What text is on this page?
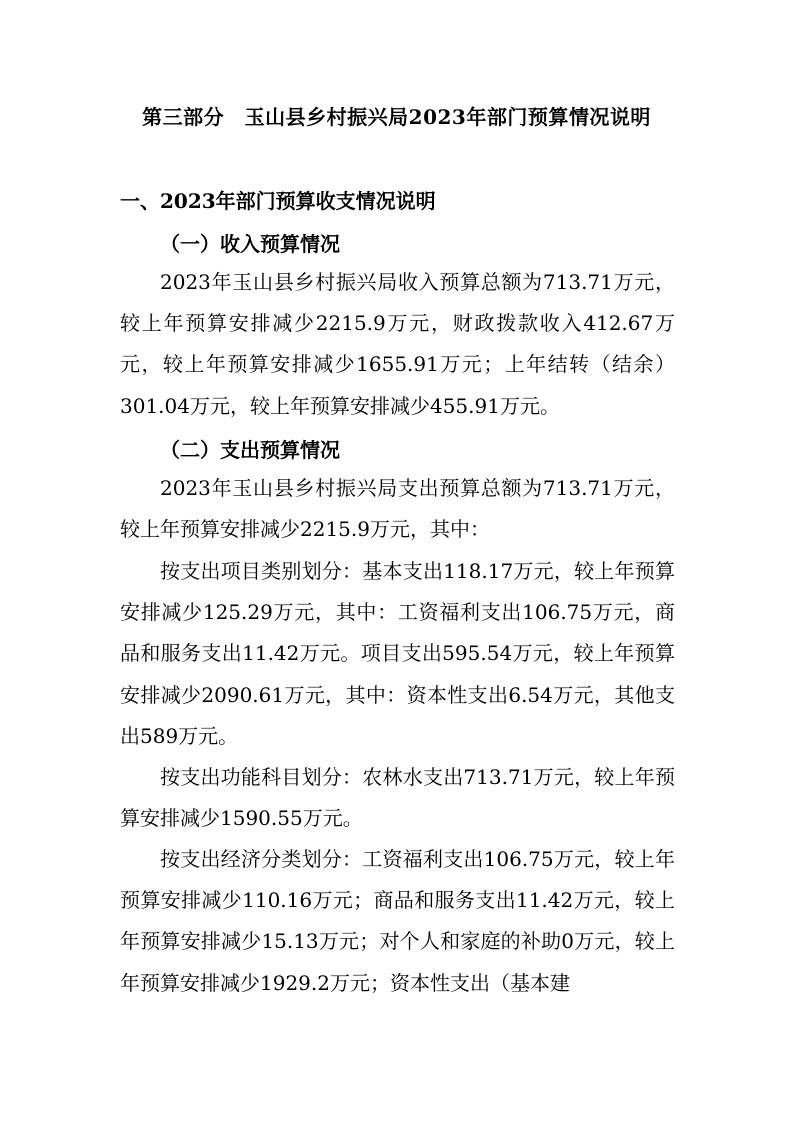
第三部分　玉山县乡村振兴局2023年部门预算情况说明
一、2023年部门预算收支情况说明
（一）收入预算情况
2023年玉山县乡村振兴局收入预算总额为713.71万元，较上年预算安排减少2215.9万元，财政拨款收入412.67万元，较上年预算安排减少1655.91万元；上年结转（结余）301.04万元，较上年预算安排减少455.91万元。
（二）支出预算情况
2023年玉山县乡村振兴局支出预算总额为713.71万元，较上年预算安排减少2215.9万元，其中：
按支出项目类别划分：基本支出118.17万元，较上年预算安排减少125.29万元，其中：工资福利支出106.75万元，商品和服务支出11.42万元。项目支出595.54万元，较上年预算安排减少2090.61万元，其中：资本性支出6.54万元，其他支出589万元。
按支出功能科目划分：农林水支出713.71万元，较上年预算安排减少1590.55万元。
按支出经济分类划分：工资福利支出106.75万元，较上年预算安排减少110.16万元；商品和服务支出11.42万元，较上年预算安排减少15.13万元；对个人和家庭的补助0万元，较上年预算安排减少1929.2万元；资本性支出（基本建
